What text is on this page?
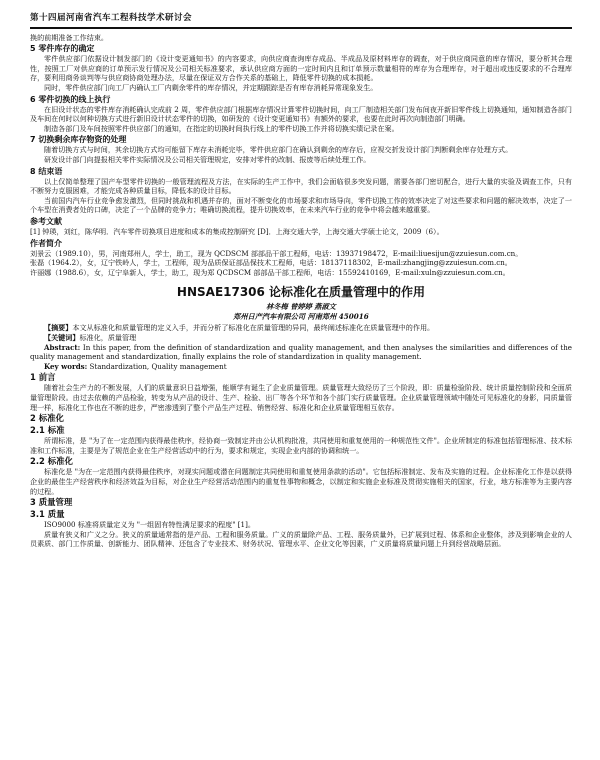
第十四届河南省汽车工程科技学术研讨会

换的前期准备工作结束。

5 零件库存的确定

零件供应部门依据设计制发部门的《设计变更通知书》的内容要求，向供应商查询库存成品、半成品及原材料库存的调查，对于供应商同意的库存情况，要分析其合理性，按照工厂对供应商的订单预示发行情况及公司相关标准要求，承认供应商方面的一定时间内且和订单预示数量相符的库存为合理库存，对于超出或违反要求的不合理库存，要利用商务谈判等与供应商协商处理办法，尽量在保证双方合作关系的基础上，降低零件切换的成本损耗。

同时，零件供应部门向工厂内确认工厂内剩余零件的库存情况，并定期跟踪是否有库存消耗异常现象发生。

6 零件切换的线上执行

在旧设计状态的零件库存消耗确认完成前 2 周，零件供应部门根据库存情况计算零件切换时间，向工厂制造相关部门发布间夜开新旧零件线上切换通知，通知制造各部门及车间在何时以何种切换方式进行新旧设计状态零件的切换，如研发的《设计变更通知书》有额外的要求，也要在此时再次向制造部门明确。

制造各部门及车间按照零件供应部门的通知，在指定的切换时间执行线上的零件切换工作并将切换实绩记录在案。

7 切换剩余库存物资的处理

随着切换方式与时间，其余切换方式均可能留下库存未消耗完毕，零件供应部门在确认到剩余的库存后，应视交折发设计部门判断剩余库存处理方式。

研发设计部门向提报相关零件实际情况及公司相关管理规定，安排对零件的改制、报废等后续处理工作。

8 结束语

以上仅简单整理了国产车型零件切换的一般管理流程及方法，在实际的生产工作中，我们会面临很多突发问题，需要各部门密切配合，进行大量的实验及调查工作，只有不断努力克服困难，才能完成各种质量目标，降低本的设计目标。

当前国内汽车行业竞争愈发激烈，但同时挑战和机遇并存的，面对不断变化的市场要求和市场导向，零件切换工作的效率决定了对这些要求和问题的解决效率，决定了一个车型在消费者处的口碑，决定了一个品牌的竞争力；唯确切换流程，提升切换效率，在未来汽车行业的竞争中将会越来越重要。

参考文献

[1] 钟瑛，刘红，陈华明．汽车零件切换项目进度和成本的集成控制研究 [D]．上海交通大学，上海交通大学硕士论文，2009（6）。

作者简介

刘景云（1989.10），男，河南郑州人，学士，助工，现为 QCDSCM 部部品干部工程师，电话：13937198472，E-mail:liuesijun@zzuiesun.com.cn。

张磊（1964.2），女，辽宁铁岭人，学士，工程师，现为品质保证部品保技术工程师，电话：18137118302，E-mail:zhangjing@zzuiesun.com.cn。

许丽娜（1988.6），女，辽宁阜新人，学士，助工，现为郑 QCDSCM 部部品干部工程师，电话：15592410169，E-mail:xuln@zzuiesun.com.cn。

HNSAE17306 论标准化在质量管理中的作用
林冬梅 曾婷婷 燕淑文
郑州日产汽车有限公司 河南郑州 450016

【摘要】本文从标准化和质量管理的定义入手，并而分析了标准化在质量管理的异同，最终阐述标准化在质量管理中的作用。

【关键词】标准化，质量管理

Abstract: In this paper, from the definition of standardization and quality management, and then analyses the similarities and differences of the quality management and standardization, finally explains the role of standardization in quality management.

Key words: Standardization, Quality management

1 前言

随着社会生产力的不断发展，人们的质量意识日益增强，能顺学有诞生了企业质量管理。质量管理大致经历了三个阶段，即：质量检验阶段、统计质量控制阶段和全面质量管理阶段。由过去依赖的产品检验，转变为从产品的设计、生产、检验、出厂等各个环节和各个部门实行质量管理。企业质量管理领域中随处可见标准化的身影，同质量管理一样，标准化工作也在不断的进步，严密渗透到了整个产品生产过程、销售经营、标准化和企业质量管理相互依存。

2 标准化
2.1 标准

所谓标准，是 "为了在一定范围内获得最佳秩序，经协商一致制定并由公认机构批准，共同使用和重复使用的一种规范性文件"。企业所制定的标准包括管理标准、技术标准和工作标准，主要是为了规范企业在生产经营活动中的行为，要求和规定，实现企业内部的协调和统一。

2.2 标准化

标准化是 "为在一定范围内获得最佳秩序，对现实问题或潜在问题制定共同使用和重复使用条款的活动"。它包括标准制定、发布及实施的过程。企业标准化工作是以获得企业的最佳生产经营秩序和经济效益为目标，对企业生产经营活动范围内的重复性事物和概念，以制定和实施企业标准及贯彻实施相关的国家，行业，地方标准等为主要内容的过程。

3 质量管理
3.1 质量

ISO9000 标准将质量定义为 "一组固有特性满足要求的程度" [1]。

质量有狭义和广义之分。狭义的质量通常指的是产品、工程和服务质量。广义的质量除产品、工程、服务质量外，已扩展到过程、体系和企业整体，涉及到影响企业的人员素质、部门工作质量、创新能力、团队精神、还包含了专业技术、财务状况、管理水平、企业文化等因素，广义质量将质量问题上升到经营战略层面。
